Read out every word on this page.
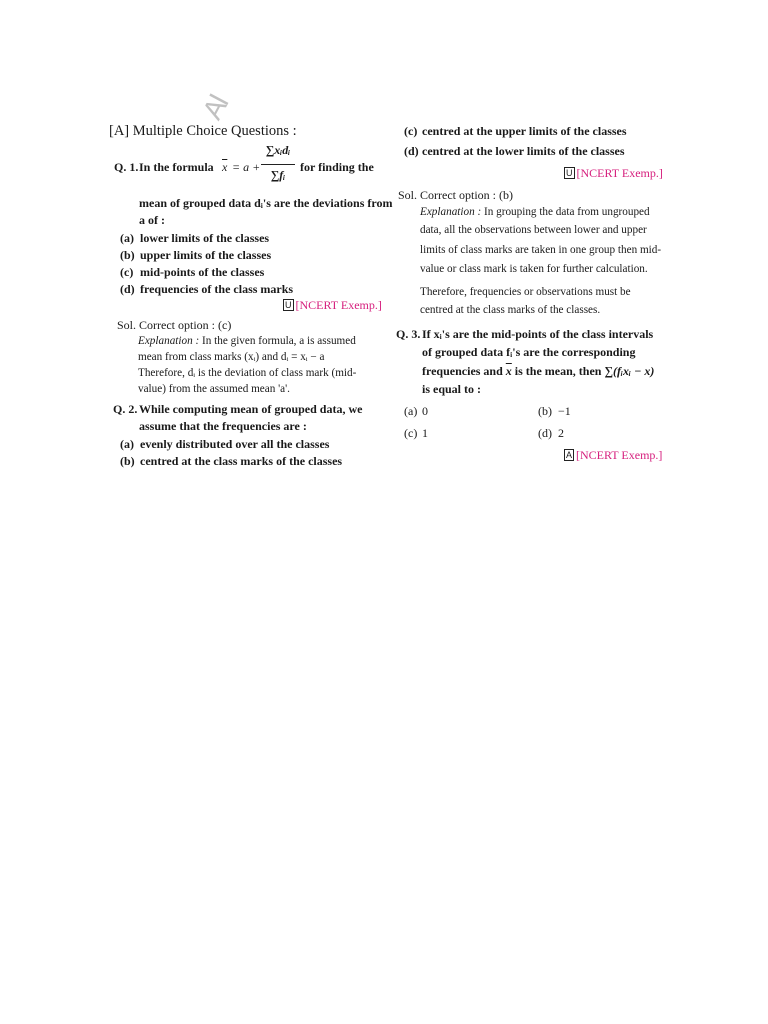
Al
[A] Multiple Choice Questions :
Q. 1. In the formula $\overline{x} = a$ +
∑xᵢdᵢ
∑fᵢ
for finding the
mean of grouped data dᵢ's are the deviations from
a of :
(a) lower limits of the classes
(b) upper limits of the classes
(c) mid-points of the classes
(d) frequencies of the class marks
U [NCERT Exemp.]
Sol. Correct option : (c)
Explanation : In the given formula, a is assumed
mean from class marks (xᵢ) and dᵢ = xᵢ − a
Therefore, dᵢ is the deviation of class mark (mid-
value) from the assumed mean 'a'.
Q. 2. While computing mean of grouped data, we
assume that the frequencies are :
(a) evenly distributed over all the classes
(b) centred at the class marks of the classes
(c) centred at the upper limits of the classes
(d) centred at the lower limits of the classes
U [NCERT Exemp.]
Sol. Correct option : (b)
Explanation : In grouping the data from ungrouped
data, all the observations between lower and upper
limits of class marks are taken in one group then mid-
value or class mark is taken for further calculation.
Therefore, frequencies or observations must be
centred at the class marks of the classes.
Q. 3. If xᵢ's are the mid-points of the class intervals
of grouped data fᵢ's are the corresponding
frequencies and $\overline{x}$ is the mean, then ∑(fᵢxᵢ − x)
is equal to :
(a) 0	(b) −1
(c) 1	(d) 2
A [NCERT Exemp.]
